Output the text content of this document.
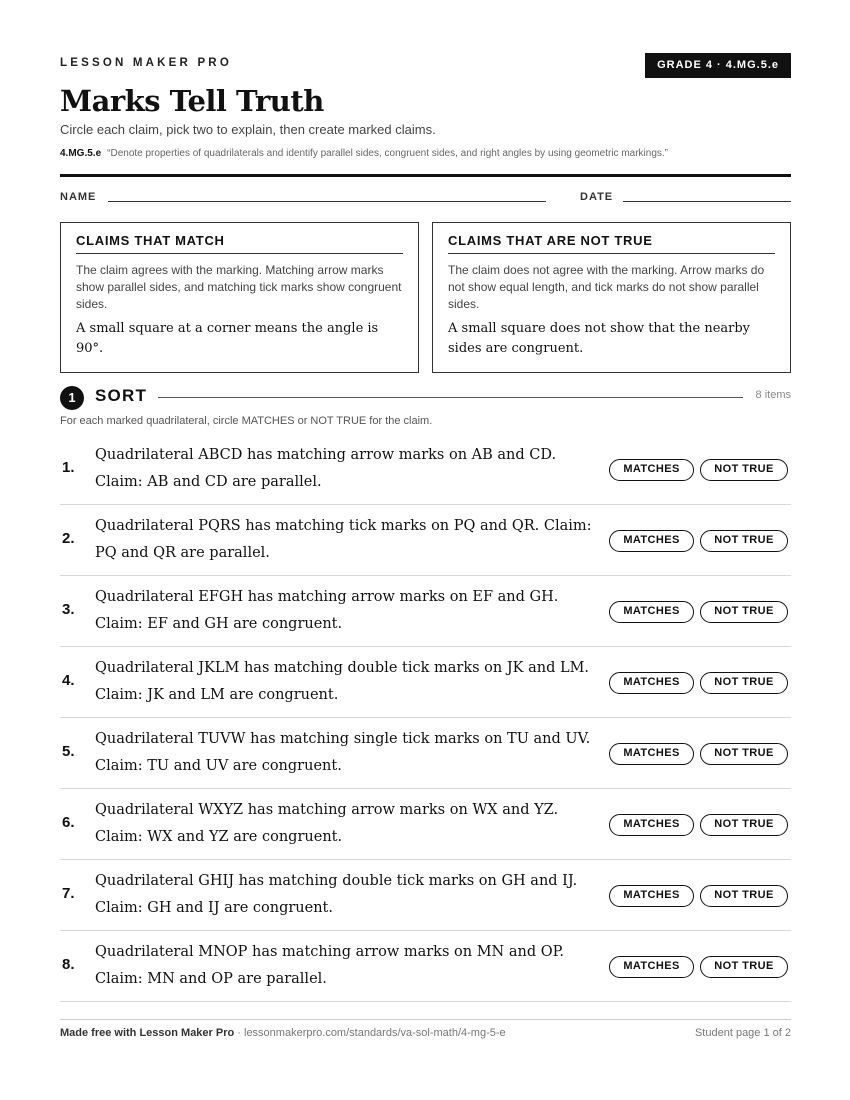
LESSON MAKER PRO	GRADE 4 · 4.MG.5.e
Marks Tell Truth
Circle each claim, pick two to explain, then create marked claims.
4.MG.5.e “Denote properties of quadrilaterals and identify parallel sides, congruent sides, and right angles by using geometric markings.”
NAME	DATE
CLAIMS THAT MATCH

The claim agrees with the marking. Matching arrow marks show parallel sides, and matching tick marks show congruent sides.

A small square at a corner means the angle is 90°.

CLAIMS THAT ARE NOT TRUE

The claim does not agree with the marking. Arrow marks do not show equal length, and tick marks do not show parallel sides.

A small square does not show that the nearby sides are congruent.

1	SORT	8 items
For each marked quadrilateral, circle MATCHES or NOT TRUE for the claim.
1.

Quadrilateral ABCD has matching arrow marks on AB and CD. Claim: AB and CD are parallel.

MATCHES	NOT TRUE
2.

Quadrilateral PQRS has matching tick marks on PQ and QR. Claim: PQ and QR are parallel.

MATCHES	NOT TRUE
3.

Quadrilateral EFGH has matching arrow marks on EF and GH. Claim: EF and GH are congruent.

MATCHES	NOT TRUE
4.

Quadrilateral JKLM has matching double tick marks on JK and LM. Claim: JK and LM are congruent.

MATCHES	NOT TRUE
5.

Quadrilateral TUVW has matching single tick marks on TU and UV. Claim: TU and UV are congruent.

MATCHES	NOT TRUE
6.

Quadrilateral WXYZ has matching arrow marks on WX and YZ. Claim: WX and YZ are congruent.

MATCHES	NOT TRUE
7.

Quadrilateral GHIJ has matching double tick marks on GH and IJ. Claim: GH and IJ are congruent.

MATCHES	NOT TRUE
8.

Quadrilateral MNOP has matching arrow marks on MN and OP. Claim: MN and OP are parallel.

MATCHES	NOT TRUE
Made free with Lesson Maker Pro · lessonmakerpro.com/standards/va-sol-math/4-mg-5-e	Student page 1 of 2
